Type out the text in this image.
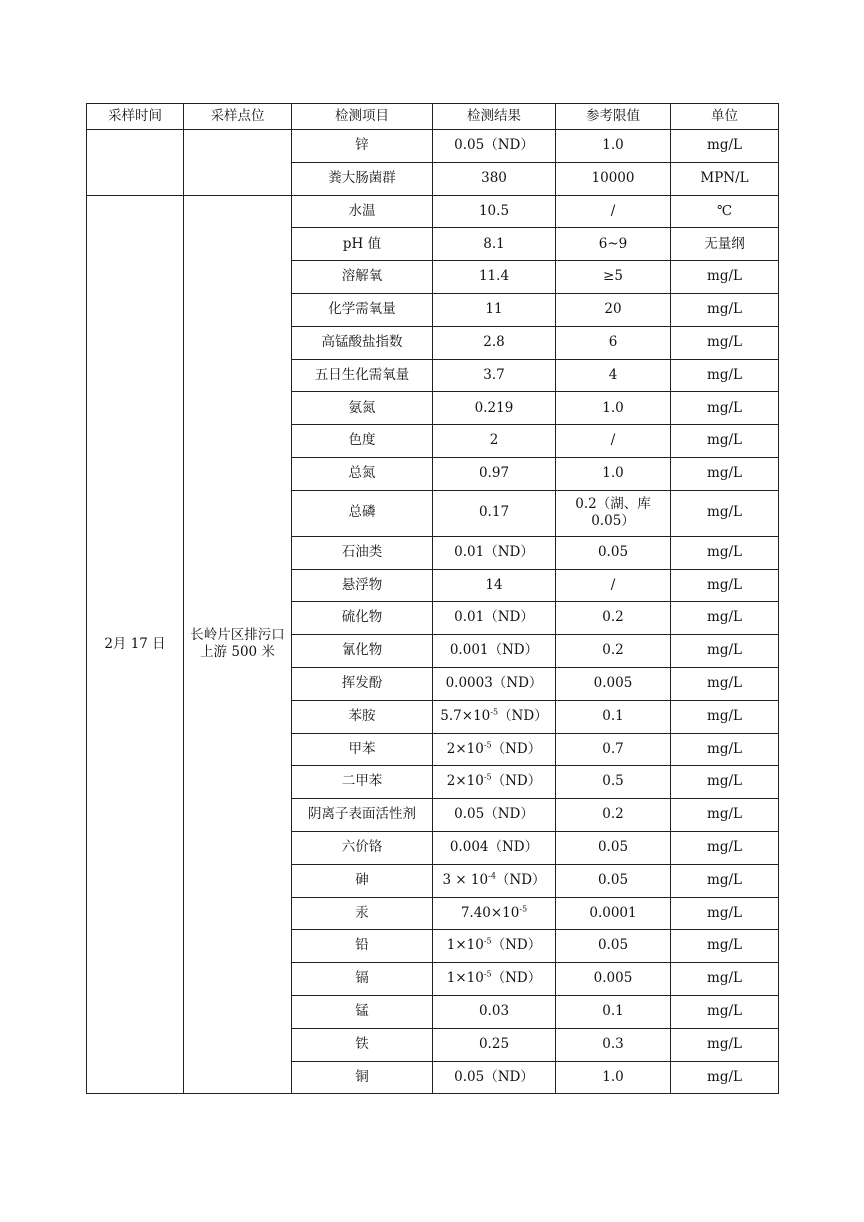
采样时间	采样点位	检测项目	检测结果	参考限值	单位
		锌	0.05（ND）	1.0	mg/L
		粪大肠菌群	380	10000	MPN/L
2月 17 日	长岭片区排污口上游 500 米	水温	10.5	/	℃
		pH 值	8.1	6~9	无量纲
		溶解氧	11.4	≥5	mg/L
		化学需氧量	11	20	mg/L
		高锰酸盐指数	2.8	6	mg/L
		五日生化需氧量	3.7	4	mg/L
		氨氮	0.219	1.0	mg/L
		色度	2	/	mg/L
		总氮	0.97	1.0	mg/L
		总磷	0.17	0.2（湖、库 0.05）	mg/L
		石油类	0.01（ND）	0.05	mg/L
		悬浮物	14	/	mg/L
		硫化物	0.01（ND）	0.2	mg/L
		氰化物	0.001（ND）	0.2	mg/L
		挥发酚	0.0003（ND）	0.005	mg/L
		苯胺	$5.7\times 10^{-5}(ND)$	0.1	mg/L
		甲苯	$2\times 10^{-5}(ND)$	0.7	mg/L
		二甲苯	$2\times 10^{-5}(ND)$	0.5	mg/L
		阴离子表面活性剂	0.05（ND）	0.2	mg/L
		六价铬	0.004（ND）	0.05	mg/L
		砷	$3 \times 10^{-4}(ND)$	0.05	mg/L
		汞	$7.40\times 10^{-5}$	0.0001	mg/L
		铅	$1\times 10^{-5}(ND)$	0.05	mg/L
		镉	$1\times 10^{-5}(ND)$	0.005	mg/L
		锰	0.03	0.1	mg/L
		铁	0.25	0.3	mg/L
		铜	0.05（ND）	1.0	mg/L
